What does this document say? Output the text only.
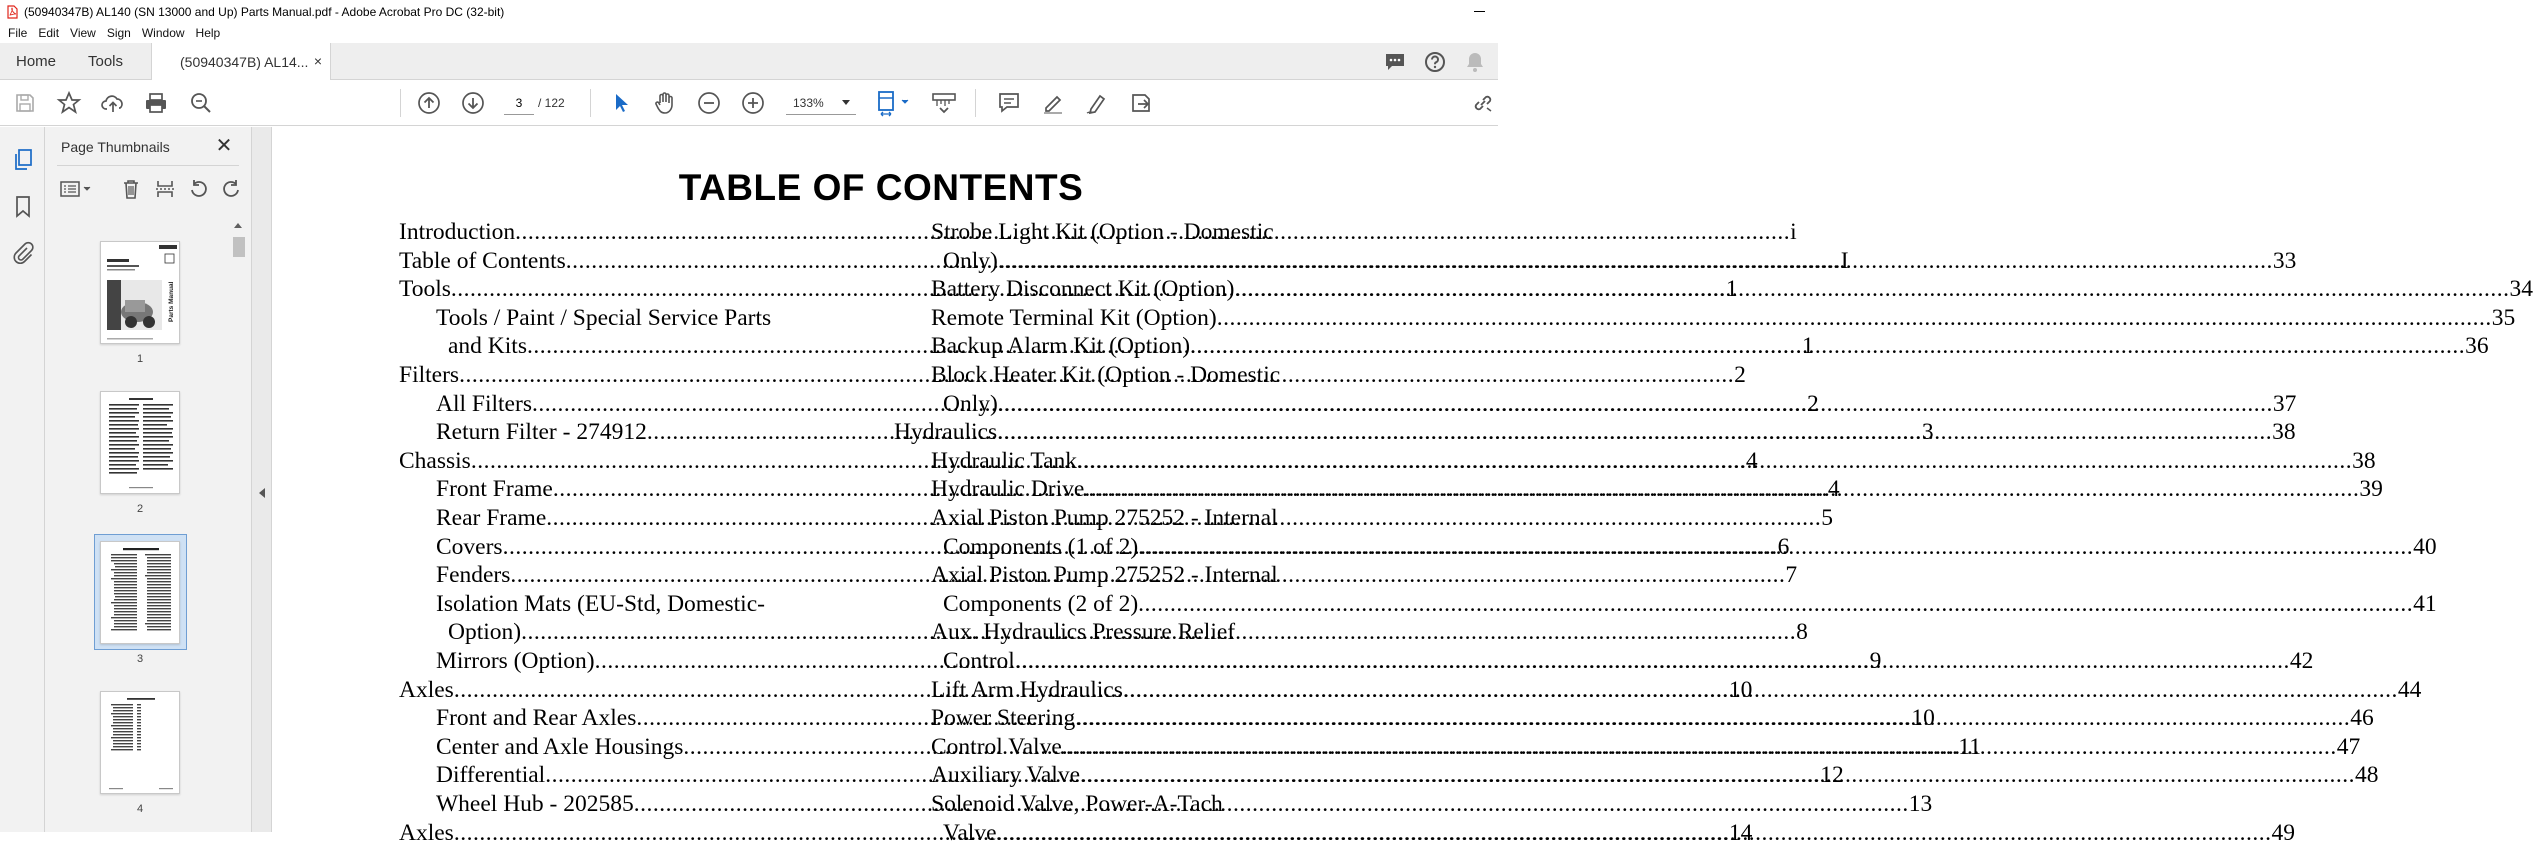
(50940347B) AL140 (SN 13000 and Up) Parts Manual.pdf - Adobe Acrobat Pro DC (32-bit)
File Edit View Sign Window Help
Home Tools	(50940347B) AL14... ×
3
/ 122	133%
Page Thumbnails ✕
Parts Manual
1
2
3
4
TABLE OF CONTENTS
Introduction .....	i
Table of Contents .....	I
Tools .....	1
Tools / Paint / Special Service Parts
and Kits .....	1
Filters .....	2
All Filters .....	2
Return Filter - 274912 .....	3
Chassis .....	4
Front Frame .....	4
Rear Frame .....	5
Covers .....	6
Fenders .....	7
Isolation Mats (EU-Std, Domestic-
Option) .....	8
Mirrors (Option) .....	9
Axles .....	10
Front and Rear Axles .....	10
Center and Axle Housings .....	11
Differential .....	12
Wheel Hub - 202585 .....	13
Axles .....	14
Strobe Light Kit (Option - Domestic
Only) .....	33
Battery Disconnect Kit (Option) .....	34
Remote Terminal Kit (Option) .....	35
Backup Alarm Kit (Option) .....	36
Block Heater Kit (Option - Domestic
Only) .....	37
Hydraulics .....	38
Hydraulic Tank .....	38
Hydraulic Drive .....	39
Axial Piston Pump 275252 - Internal
Components (1 of 2) .....	40
Axial Piston Pump 275252 - Internal
Components (2 of 2) .....	41
Aux. Hydraulics Pressure Relief
Control .....	42
Lift Arm Hydraulics .....	44
Power Steering .....	46
Control Valve .....	47
Auxiliary Valve .....	48
Solenoid Valve, Power-A-Tach
Valve .....	49
